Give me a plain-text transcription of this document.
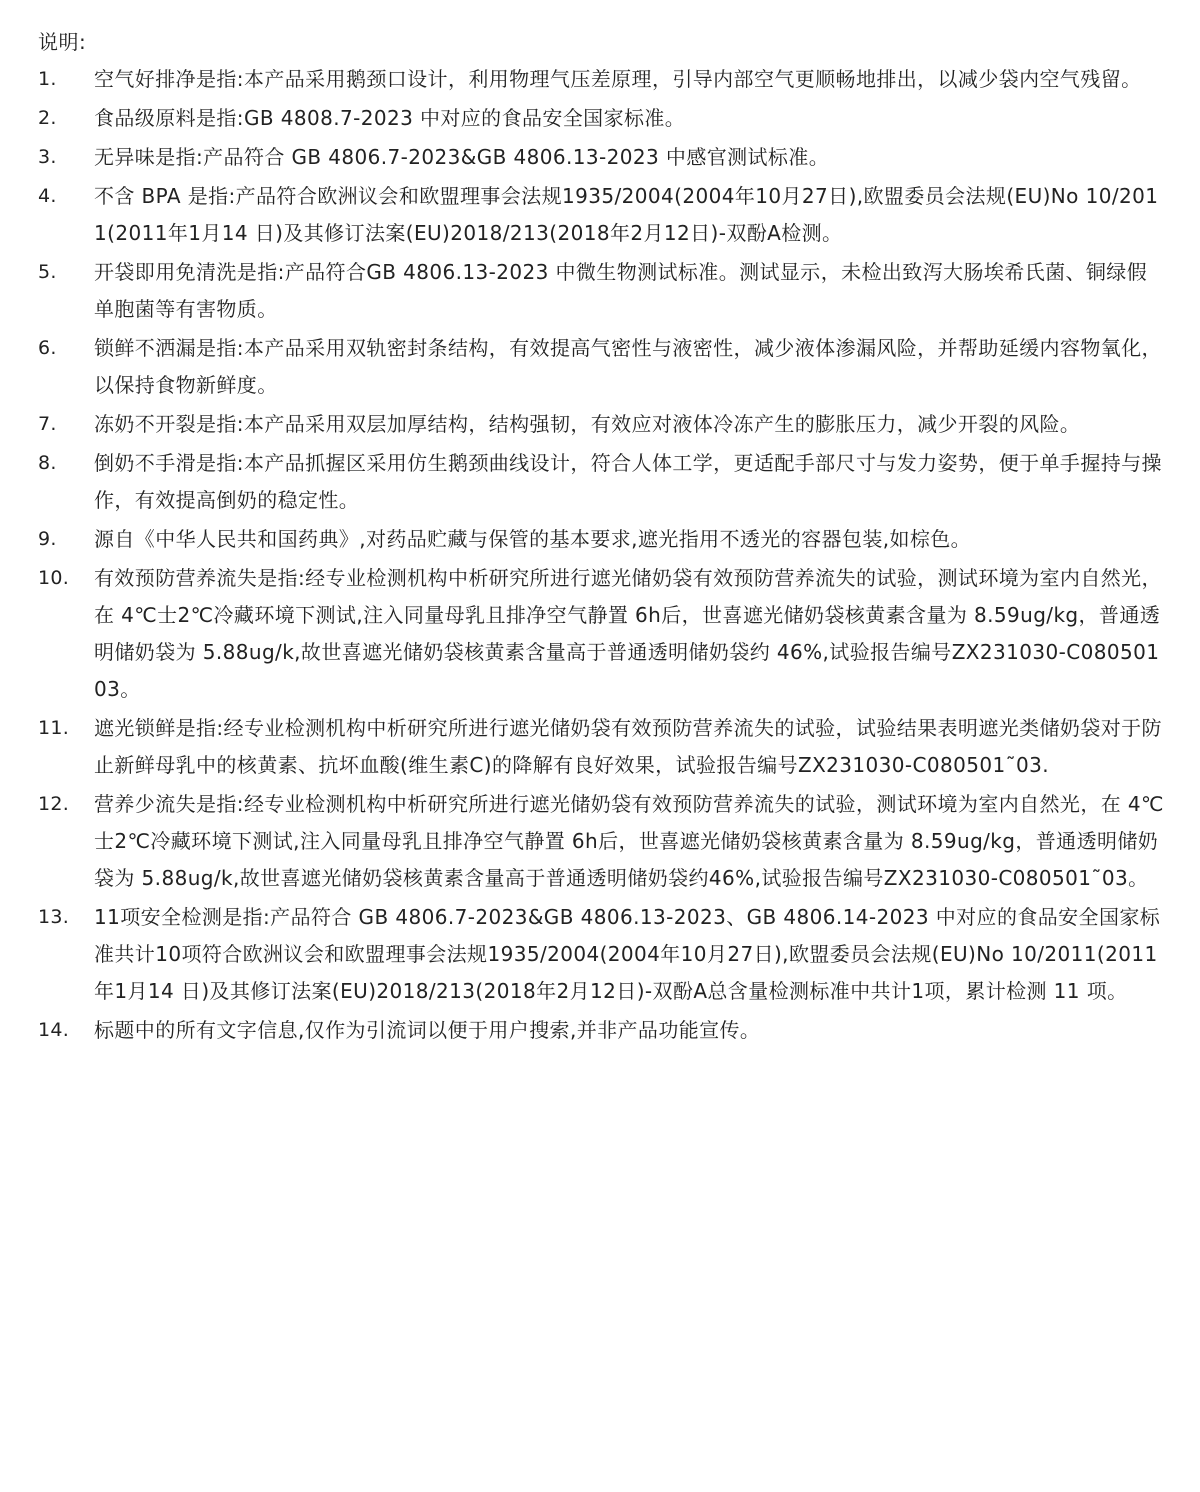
说明:
1. 空气好排净是指:本产品采用鹅颈口设计，利用物理气压差原理，引导内部空气更顺畅地排出，以减少袋内空气残留。
2. 食品级原料是指:GB 4808.7-2023 中对应的食品安全国家标准。
3. 无异味是指:产品符合 GB 4806.7-2023&GB 4806.13-2023 中感官测试标准。
4. 不含 BPA 是指:产品符合欧洲议会和欧盟理事会法规1935/2004(2004年10月27日),欧盟委员会法规(EU)No 10/2011(2011年1月14 日)及其修订法案(EU)2018/213(2018年2月12日)-双酚A检测。
5. 开袋即用免清洗是指:产品符合GB 4806.13-2023 中微生物测试标准。测试显示，未检出致泻大肠埃希氏菌、铜绿假单胞菌等有害物质。
6. 锁鲜不洒漏是指:本产品采用双轨密封条结构，有效提高气密性与液密性，减少液体渗漏风险，并帮助延缓内容物氧化，以保持食物新鲜度。
7. 冻奶不开裂是指:本产品采用双层加厚结构，结构强韧，有效应对液体冷冻产生的膨胀压力，减少开裂的风险。
8. 倒奶不手滑是指:本产品抓握区采用仿生鹅颈曲线设计，符合人体工学，更适配手部尺寸与发力姿势，便于单手握持与操作，有效提高倒奶的稳定性。
9. 源自《中华人民共和国药典》,对药品贮藏与保管的基本要求,遮光指用不透光的容器包装,如棕色。
10. 有效预防营养流失是指:经专业检测机构中析研究所进行遮光储奶袋有效预防营养流失的试验，测试环境为室内自然光，在 4℃士2℃冷藏环境下测试,注入同量母乳且排净空气静置 6h后，世喜遮光储奶袋核黄素含量为 8.59ug/kg，普通透明储奶袋为 5.88ug/k,故世喜遮光储奶袋核黄素含量高于普通透明储奶袋约 46%,试验报告编号ZX231030-C08050103。
11. 遮光锁鲜是指:经专业检测机构中析研究所进行遮光储奶袋有效预防营养流失的试验，试验结果表明遮光类储奶袋对于防止新鲜母乳中的核黄素、抗坏血酸(维生素C)的降解有良好效果，试验报告编号ZX231030-C080501˜03.
12. 营养少流失是指:经专业检测机构中析研究所进行遮光储奶袋有效预防营养流失的试验，测试环境为室内自然光，在 4℃士2℃冷藏环境下测试,注入同量母乳且排净空气静置 6h后，世喜遮光储奶袋核黄素含量为 8.59ug/kg，普通透明储奶袋为 5.88ug/k,故世喜遮光储奶袋核黄素含量高于普通透明储奶袋约46%,试验报告编号ZX231030-C080501˜03。
13. 11项安全检测是指:产品符合 GB 4806.7-2023&GB 4806.13-2023、GB 4806.14-2023 中对应的食品安全国家标准共计10项符合欧洲议会和欧盟理事会法规1935/2004(2004年10月27日),欧盟委员会法规(EU)No 10/2011(2011年1月14 日)及其修订法案(EU)2018/213(2018年2月12日)-双酚A总含量检测标准中共计1项，累计检测 11 项。
14. 标题中的所有文字信息,仅作为引流词以便于用户搜索,并非产品功能宣传。
